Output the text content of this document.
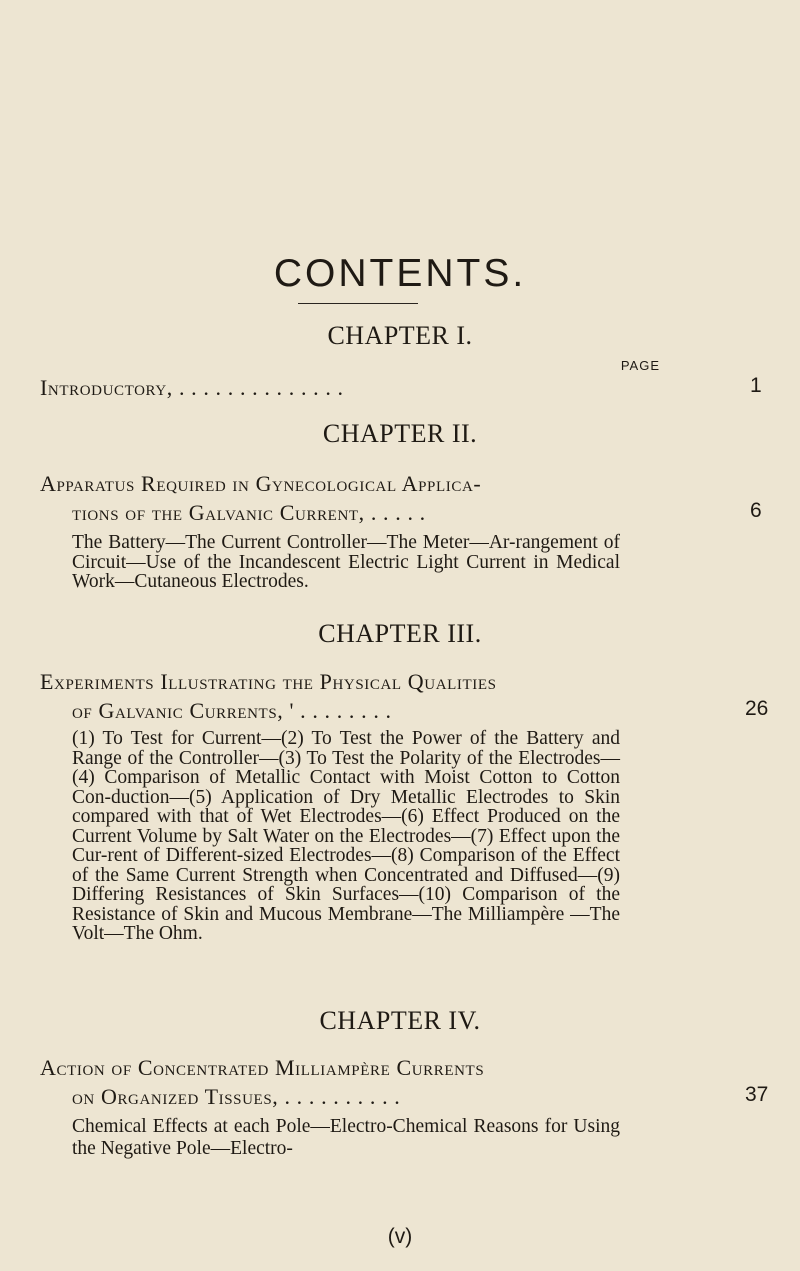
CONTENTS.
CHAPTER I.
PAGE
Introductory, . . . . . . . . . . . . . .	1
CHAPTER II.
Apparatus Required in Gynecological Applica-
tions of the Galvanic Current, . . . . .	6
The Battery—The Current Controller—The Meter—Ar-rangement of Circuit—Use of the Incandescent Electric Light Current in Medical Work—Cutaneous Electrodes.
CHAPTER III.
Experiments Illustrating the Physical Qualities
of Galvanic Currents, ' . . . . . . . .	26
(1) To Test for Current—(2) To Test the Power of the Battery and Range of the Controller—(3) To Test the Polarity of the Electrodes—(4) Comparison of Metallic Contact with Moist Cotton to Cotton Con-duction—(5) Application of Dry Metallic Electrodes to Skin compared with that of Wet Electrodes—(6) Effect Produced on the Current Volume by Salt Water on the Electrodes—(7) Effect upon the Cur-rent of Different-sized Electrodes—(8) Comparison of the Effect of the Same Current Strength when Concentrated and Diffused—(9) Differing Resistances of Skin Surfaces—(10) Comparison of the Resistance of Skin and Mucous Membrane—The Milliampère —The Volt—The Ohm.
CHAPTER IV.
Action of Concentrated Milliampère Currents
on Organized Tissues, . . . . . . . . . .	37
Chemical Effects at each Pole—Electro-Chemical Reasons for Using the Negative Pole—Electro-
(v)
